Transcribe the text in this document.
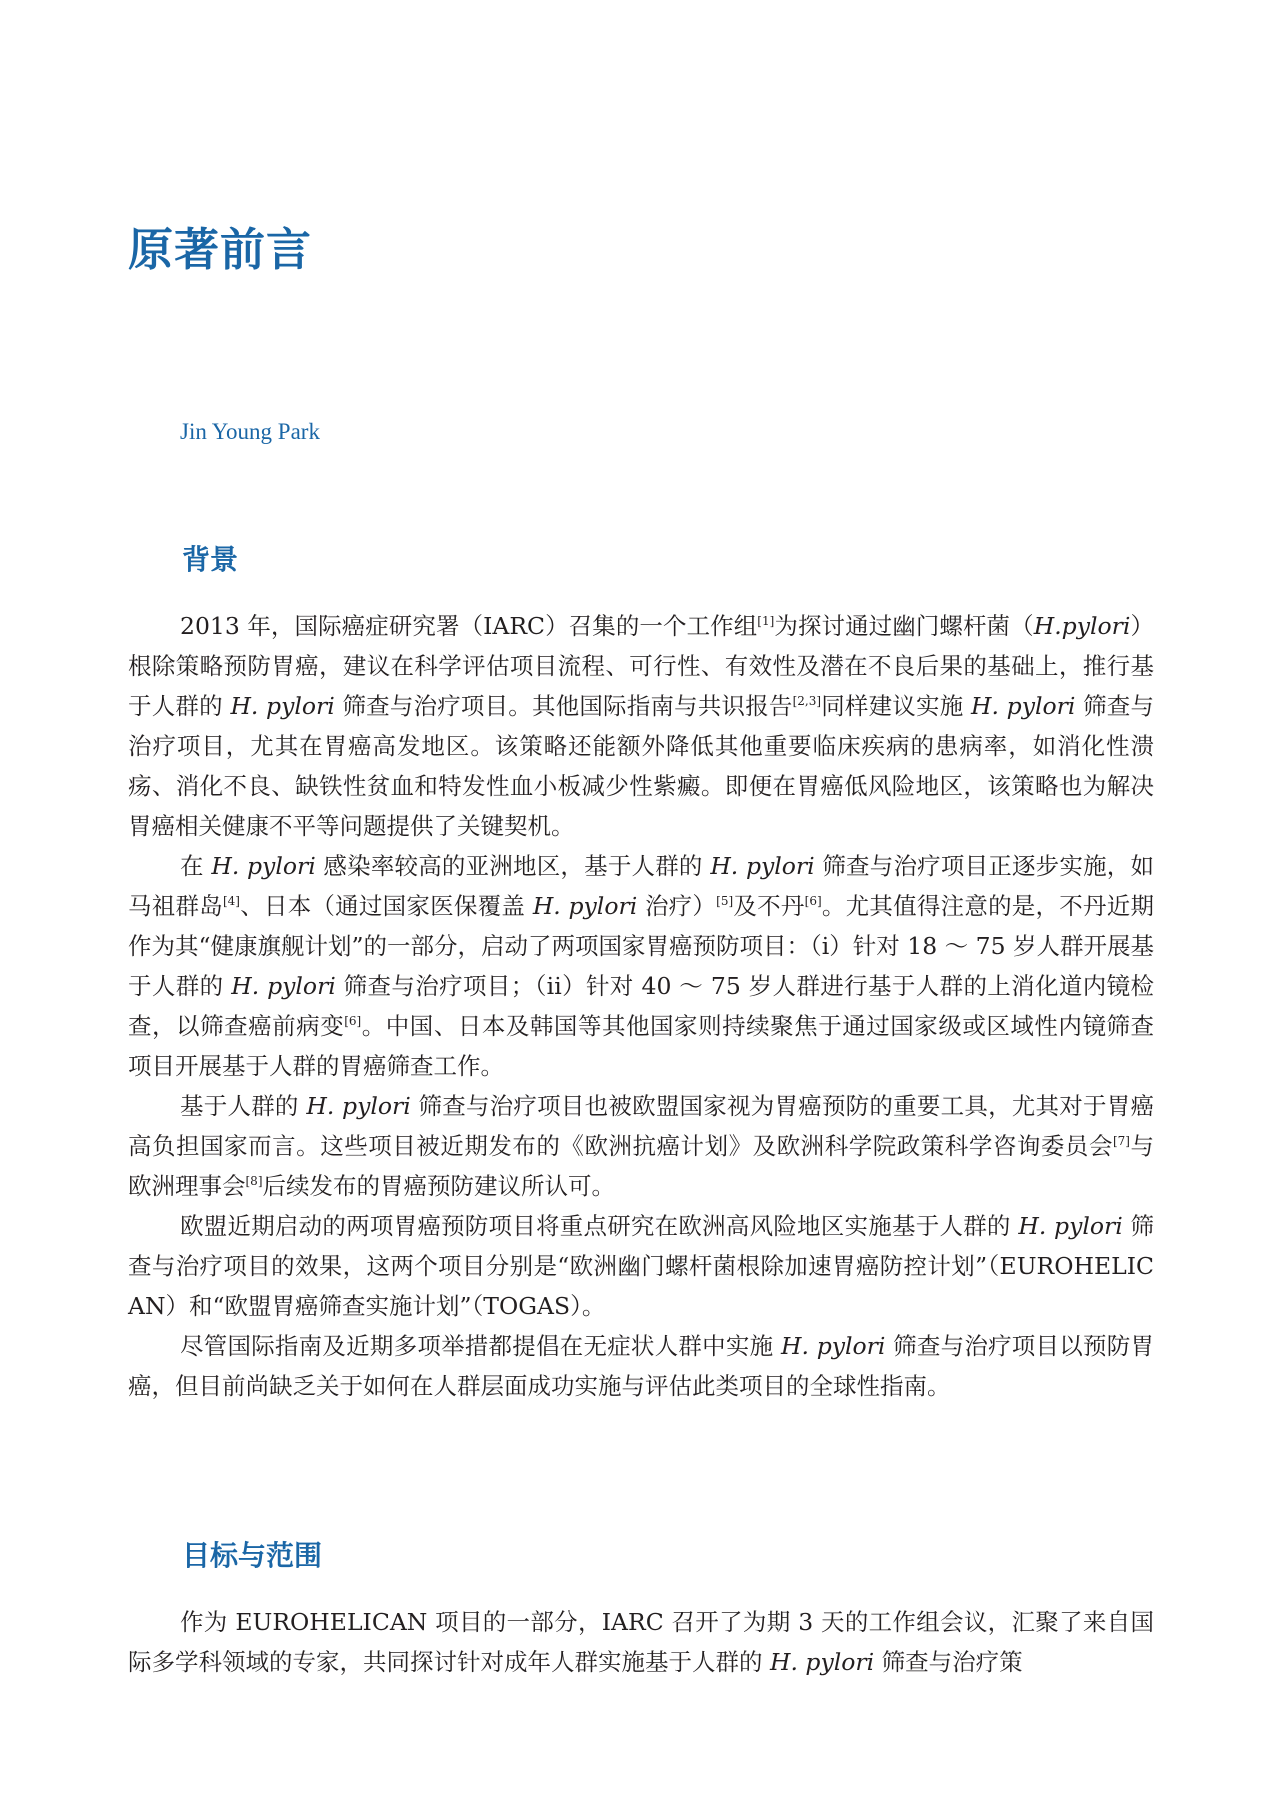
原著前言

Jin Young Park

背景

2013 年，国际癌症研究署（IARC）召集的一个工作组[1]为探讨通过幽门螺杆菌（H.pylori）根除策略预防胃癌，建议在科学评估项目流程、可行性、有效性及潜在不良后果的基础上，推行基于人群的 H. pylori 筛查与治疗项目。其他国际指南与共识报告[2,3]同样建议实施 H. pylori 筛查与治疗项目，尤其在胃癌高发地区。该策略还能额外降低其他重要临床疾病的患病率，如消化性溃疡、消化不良、缺铁性贫血和特发性血小板减少性紫癜。即便在胃癌低风险地区，该策略也为解决胃癌相关健康不平等问题提供了关键契机。

在 H. pylori 感染率较高的亚洲地区，基于人群的 H. pylori 筛查与治疗项目正逐步实施，如马祖群岛[4]、日本（通过国家医保覆盖 H. pylori 治疗）[5]及不丹[6]。尤其值得注意的是，不丹近期作为其“健康旗舰计划”的一部分，启动了两项国家胃癌预防项目：（i）针对 18 ～ 75 岁人群开展基于人群的 H. pylori 筛查与治疗项目；（ii）针对 40 ～ 75 岁人群进行基于人群的上消化道内镜检查，以筛查癌前病变[6]。中国、日本及韩国等其他国家则持续聚焦于通过国家级或区域性内镜筛查项目开展基于人群的胃癌筛查工作。

基于人群的 H. pylori 筛查与治疗项目也被欧盟国家视为胃癌预防的重要工具，尤其对于胃癌高负担国家而言。这些项目被近期发布的《欧洲抗癌计划》及欧洲科学院政策科学咨询委员会[7]与欧洲理事会[8]后续发布的胃癌预防建议所认可。

欧盟近期启动的两项胃癌预防项目将重点研究在欧洲高风险地区实施基于人群的 H. pylori 筛查与治疗项目的效果，这两个项目分别是“欧洲幽门螺杆菌根除加速胃癌防控计划”（EUROHELICAN）和“欧盟胃癌筛查实施计划”（TOGAS）。

尽管国际指南及近期多项举措都提倡在无症状人群中实施 H. pylori 筛查与治疗项目以预防胃癌，但目前尚缺乏关于如何在人群层面成功实施与评估此类项目的全球性指南。

目标与范围

作为 EUROHELICAN 项目的一部分，IARC 召开了为期 3 天的工作组会议，汇聚了来自国际多学科领域的专家，共同探讨针对成年人群实施基于人群的 H. pylori 筛查与治疗策
